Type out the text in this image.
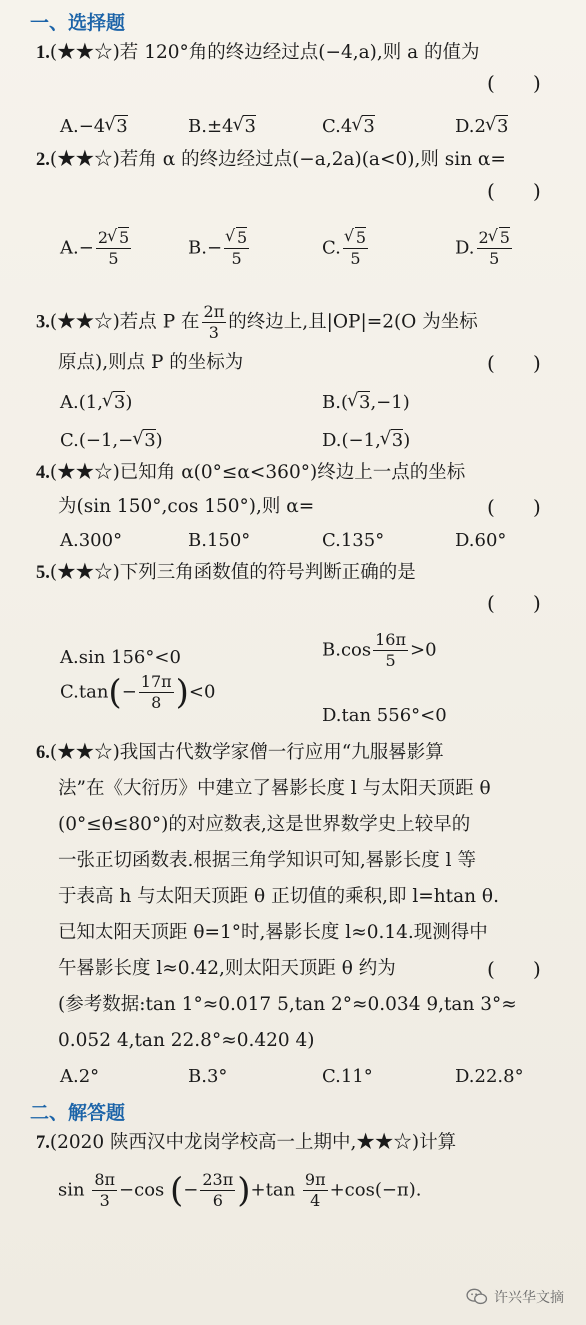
一、选择题
1.(★★☆)若 120°角的终边经过点(−4,a),则 a 的值为
(      )
A.−4 √ 3	B.±4 √ 3	C.4 √ 3	D.2 √ 3
2.(★★☆)若角 α 的终边经过点(−a,2a)(a<0),则 sin α=
(      )
$A.- \frac{2 √ 5}{5}$	B.− √ $\frac{5}{5}$	C. √ $\frac{5}{5}$	D. $\frac{2 √ 5}{5}$
3.(★★☆)若点 P 在 $\frac{2\pi}{3}$ 的终边上,且|OP|=2(O 为坐标
原点),则点 P 的坐标为	(      )
A.(1, √ 3)	B.( √ 3,−1)
C.(−1,− √ 3)	D.(−1, √ 3)
4.(★★☆)已知角 α(0°≤α<360°)终边上一点的坐标
为(sin 150°,cos 150°),则 α=	(      )
A.300°	B.150°	C.135°	D.60°
5.(★★☆)下列三角函数值的符号判断正确的是
(      )
A.sin 156°<0	$B.\cos \frac{16\pi}{5} >0$
$C.\tan(- \frac{17\pi}{8} )<0$
D.tan 556°<0
6.(★★☆)我国古代数学家僧一行应用“九服晷影算
法”在《大衍历》中建立了晷影长度 l 与太阳天顶距 θ
(0°≤θ≤80°)的对应数表,这是世界数学史上较早的
一张正切函数表.根据三角学知识可知,晷影长度 l 等
于表高 h 与太阳天顶距 θ 正切值的乘积,即 l=htan θ.
已知太阳天顶距 θ=1°时,晷影长度 l≈0.14.现测得中
午晷影长度 l≈0.42,则太阳天顶距 θ 约为	(      )
(参考数据:tan 1°≈0.017 5,tan 2°≈0.034 9,tan 3°≈
0.052 4,tan 22.8°≈0.420 4)
A.2°	B.3°	C.11°	D.22.8°
二、解答题
7.(2020 陕西汉中龙岗学校高一上期中,★★☆)计算
$\sin \frac{8\pi}{3} -\cos$ (− $\frac{23\pi}{6} )+\tan \frac{9\pi}{4} +\cos(-\pi)$.
许兴华文摘
